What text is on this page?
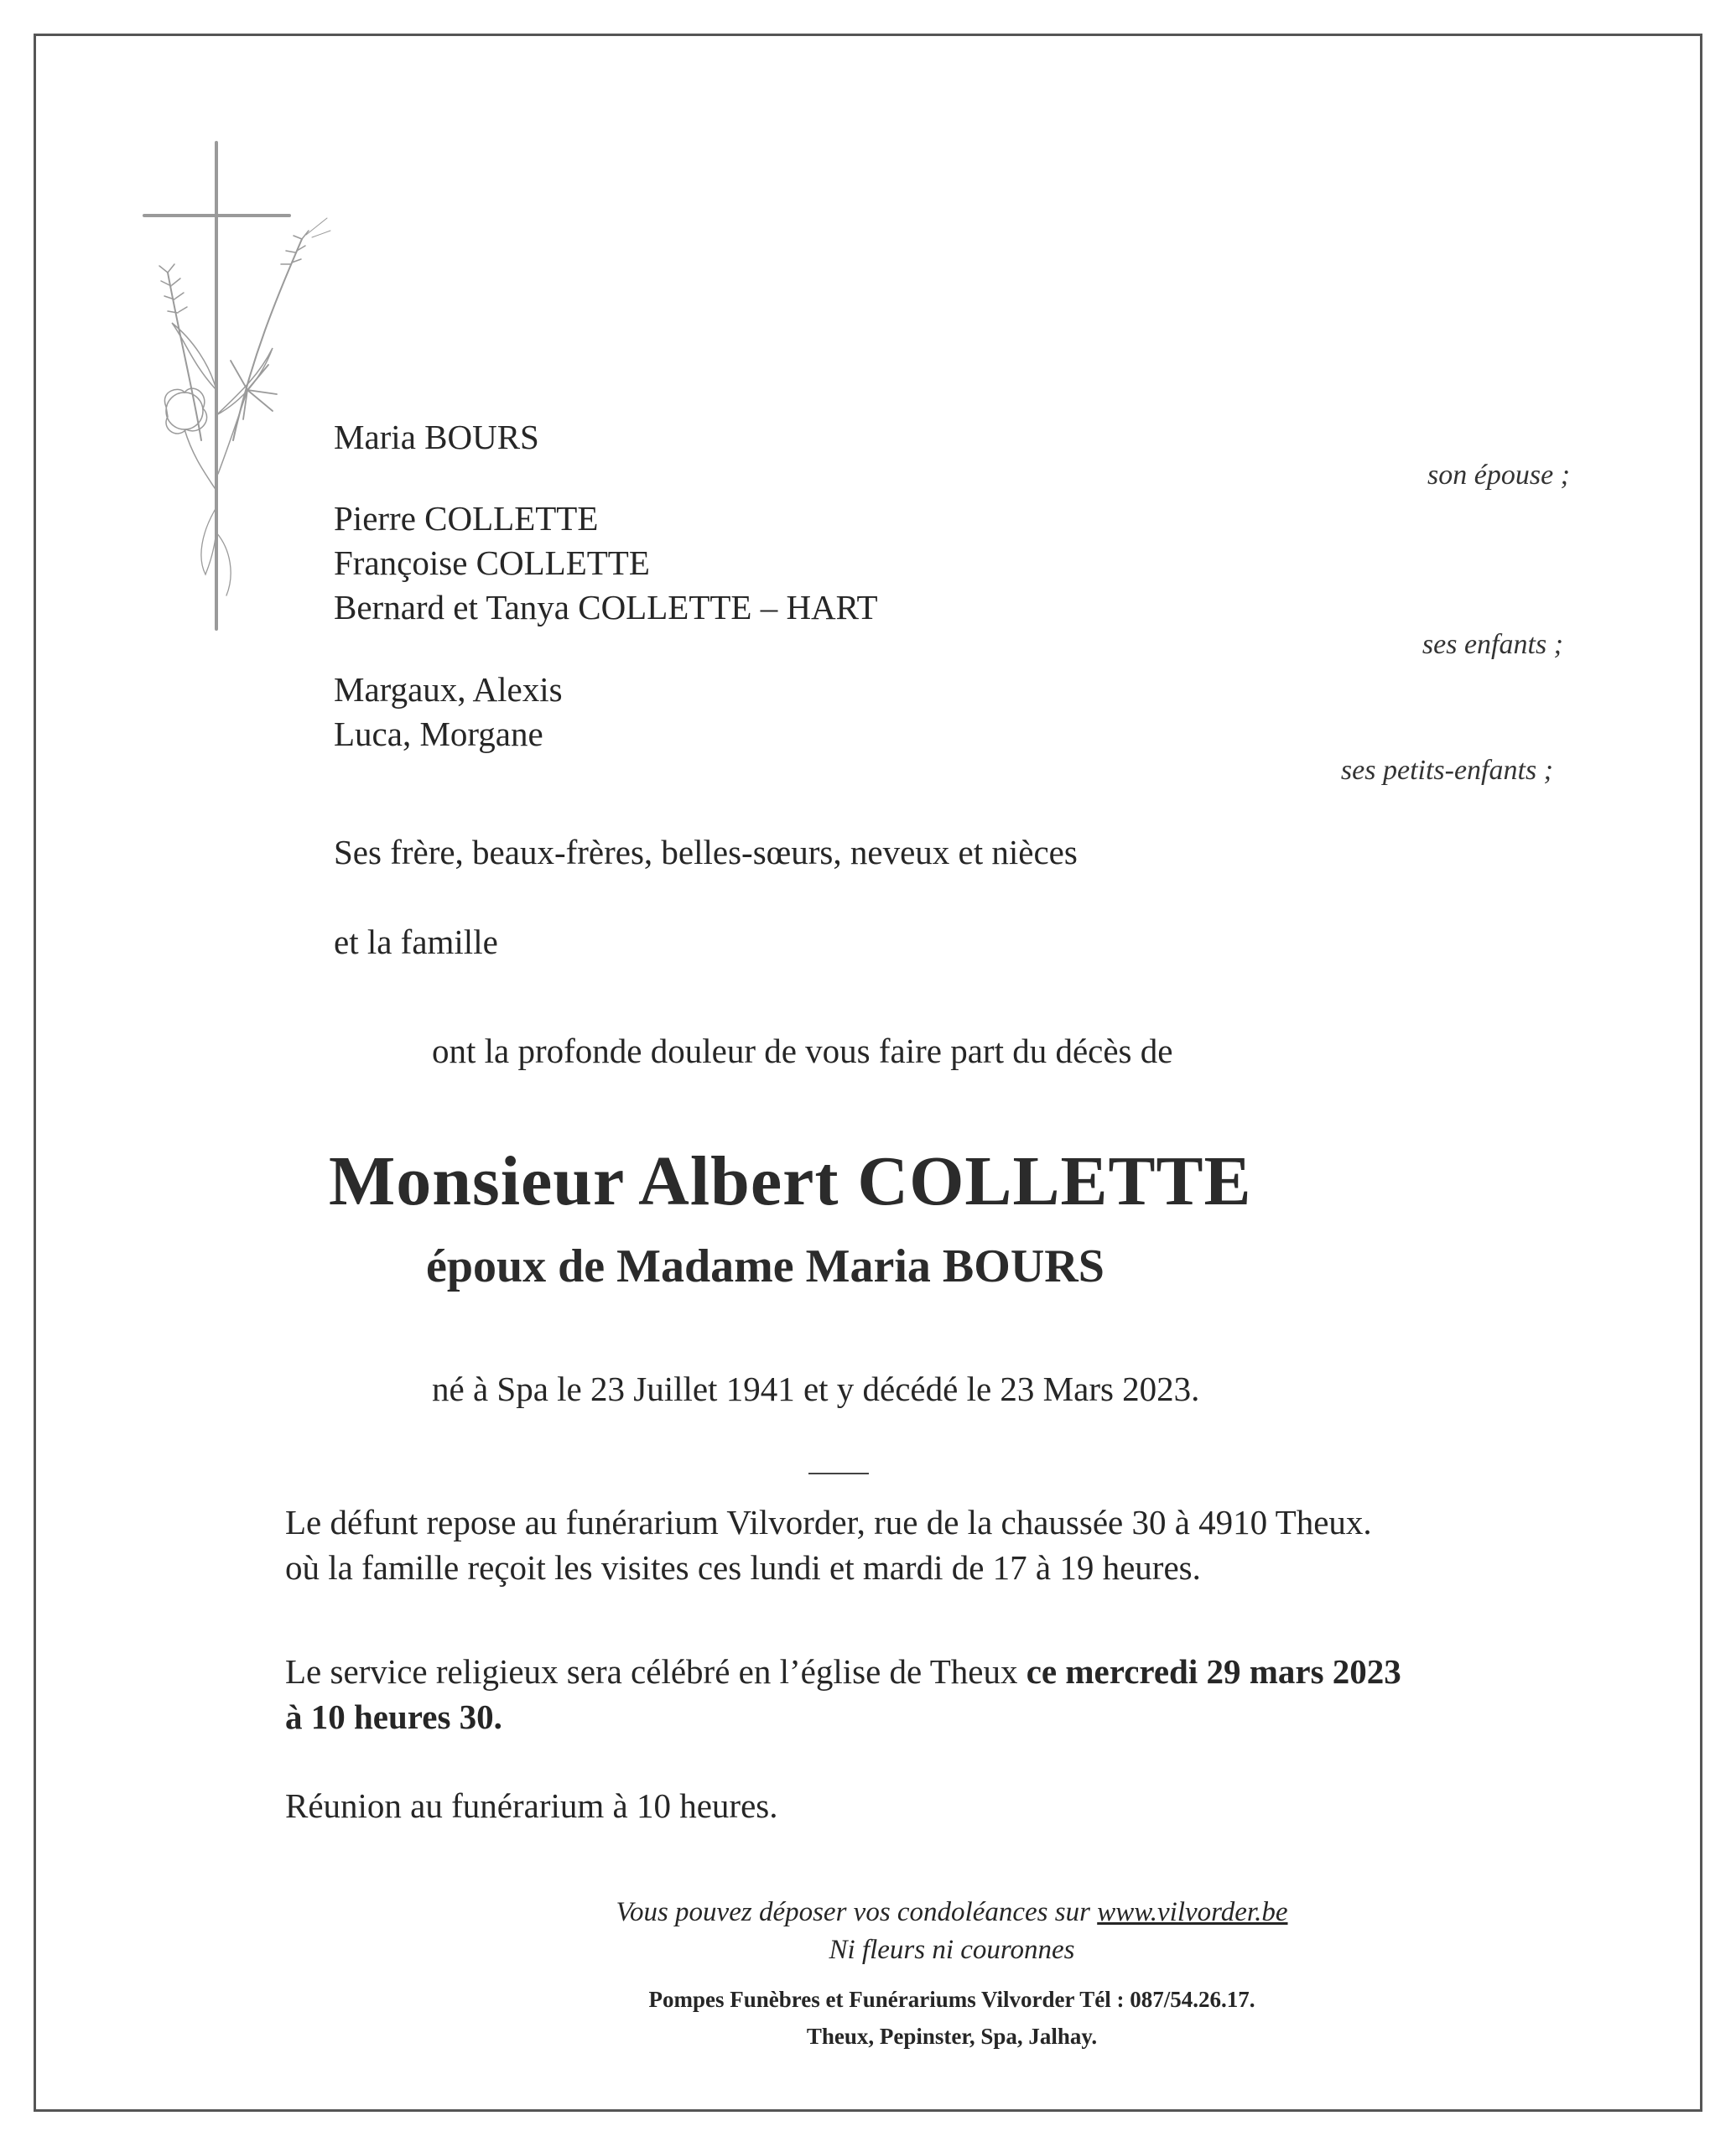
Maria BOURS
son épouse ;
Pierre COLLETTE
Françoise COLLETTE
Bernard et Tanya COLLETTE – HART
ses enfants ;
Margaux, Alexis
Luca, Morgane
ses petits-enfants ;
Ses frère, beaux-frères, belles-sœurs, neveux et nièces
et la famille
ont la profonde douleur de vous faire part du décès de
Monsieur Albert COLLETTE
époux de Madame Maria BOURS
né à Spa le 23 Juillet 1941 et y décédé le 23 Mars 2023.
Le défunt repose au funérarium Vilvorder, rue de la chaussée 30 à 4910 Theux.
où la famille reçoit les visites ces lundi et mardi de 17 à 19 heures.
Le service religieux sera célébré en l’église de Theux ce mercredi 29 mars 2023
à 10 heures 30.
Réunion au funérarium à 10 heures.
Vous pouvez déposer vos condoléances sur www.vilvorder.be
Ni fleurs ni couronnes
Pompes Funèbres et Funérariums Vilvorder Tél : 087/54.26.17.
Theux, Pepinster, Spa, Jalhay.
